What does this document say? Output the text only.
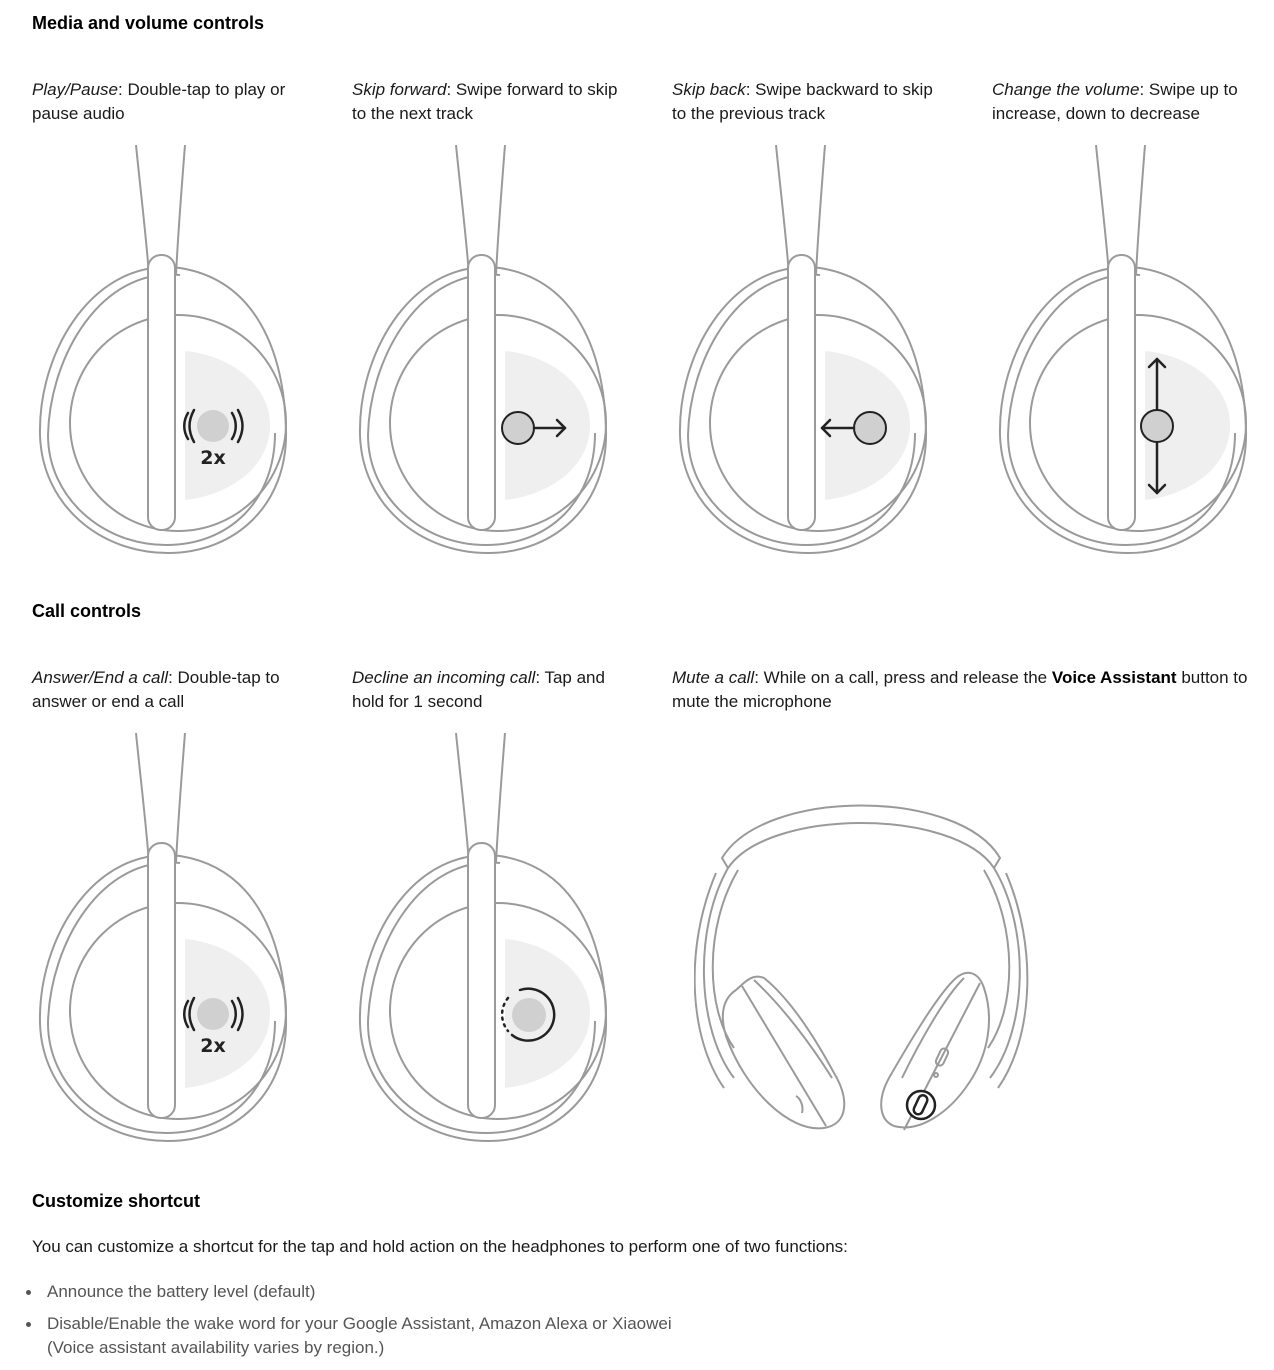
Media and volume controls
Play/Pause: Double-tap to play or pause audio
Skip forward: Swipe forward to skip to the next track
Skip back: Swipe backward to skip to the previous track
Change the volume: Swipe up to increase, down to decrease
2x
Call controls
Answer/End a call: Double-tap to answer or end a call
Decline an incoming call: Tap and hold for 1 second
Mute a call: While on a call, press and release the Voice Assistant button to mute the microphone
2x
Customize shortcut

You can customize a shortcut for the tap and hold action on the headphones to perform one of two functions:

Announce the battery level (default)
Disable/Enable the wake word for your Google Assistant, Amazon Alexa or Xiaowei
(Voice assistant availability varies by region.)
